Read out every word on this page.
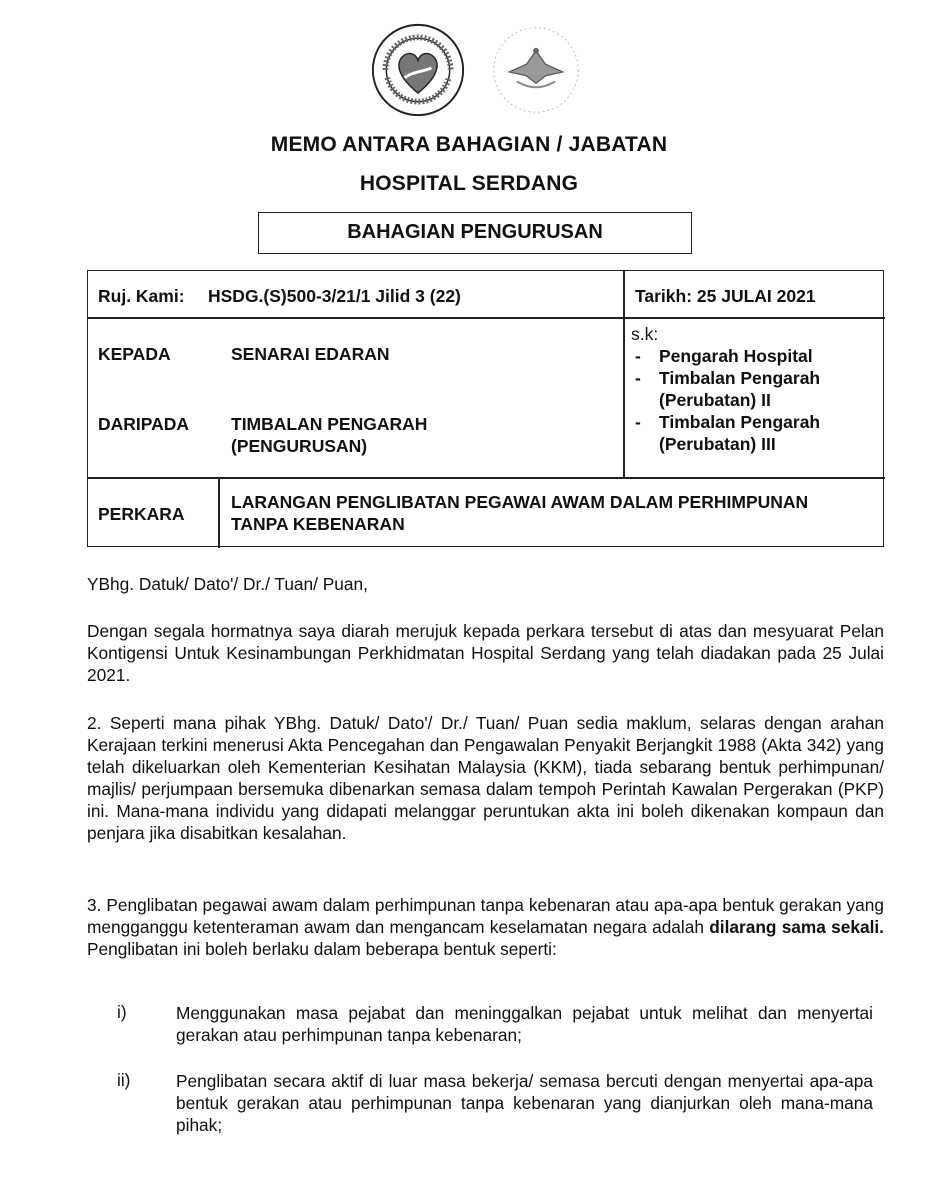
MEMO ANTARA BAHAGIAN / JABATAN
HOSPITAL SERDANG
BAHAGIAN PENGURUSAN
Ruj. Kami: HSDG.(S)500-3/21/1 Jilid 3 (22)	Tarikh: 25 JULAI 2021
KEPADA	SENARAI EDARAN
DARIPADA TIMBALAN PENGARAH
(PENGURUSAN)
s.k:
- Pengarah Hospital
- Timbalan Pengarah
(Perubatan) II
- Timbalan Pengarah
(Perubatan) III
PERKARA
LARANGAN PENGLIBATAN PEGAWAI AWAM DALAM PERHIMPUNAN
TANPA KEBENARAN
YBhg. Datuk/ Dato'/ Dr./ Tuan/ Puan,
Dengan segala hormatnya saya diarah merujuk kepada perkara tersebut di atas dan mesyuarat Pelan Kontigensi Untuk Kesinambungan Perkhidmatan Hospital Serdang yang telah diadakan pada 25 Julai 2021.
2. Seperti mana pihak YBhg. Datuk/ Dato'/ Dr./ Tuan/ Puan sedia maklum, selaras dengan arahan Kerajaan terkini menerusi Akta Pencegahan dan Pengawalan Penyakit Berjangkit 1988 (Akta 342) yang telah dikeluarkan oleh Kementerian Kesihatan Malaysia (KKM), tiada sebarang bentuk perhimpunan/ majlis/ perjumpaan bersemuka dibenarkan semasa dalam tempoh Perintah Kawalan Pergerakan (PKP) ini. Mana-mana individu yang didapati melanggar peruntukan akta ini boleh dikenakan kompaun dan penjara jika disabitkan kesalahan.
3. Penglibatan pegawai awam dalam perhimpunan tanpa kebenaran atau apa-apa bentuk gerakan yang mengganggu ketenteraman awam dan mengancam keselamatan negara adalah dilarang sama sekali. Penglibatan ini boleh berlaku dalam beberapa bentuk seperti:
i)	Menggunakan masa pejabat dan meninggalkan pejabat untuk melihat dan menyertai gerakan atau perhimpunan tanpa kebenaran;
ii)	Penglibatan secara aktif di luar masa bekerja/ semasa bercuti dengan menyertai apa-apa bentuk gerakan atau perhimpunan tanpa kebenaran yang dianjurkan oleh mana-mana pihak;
